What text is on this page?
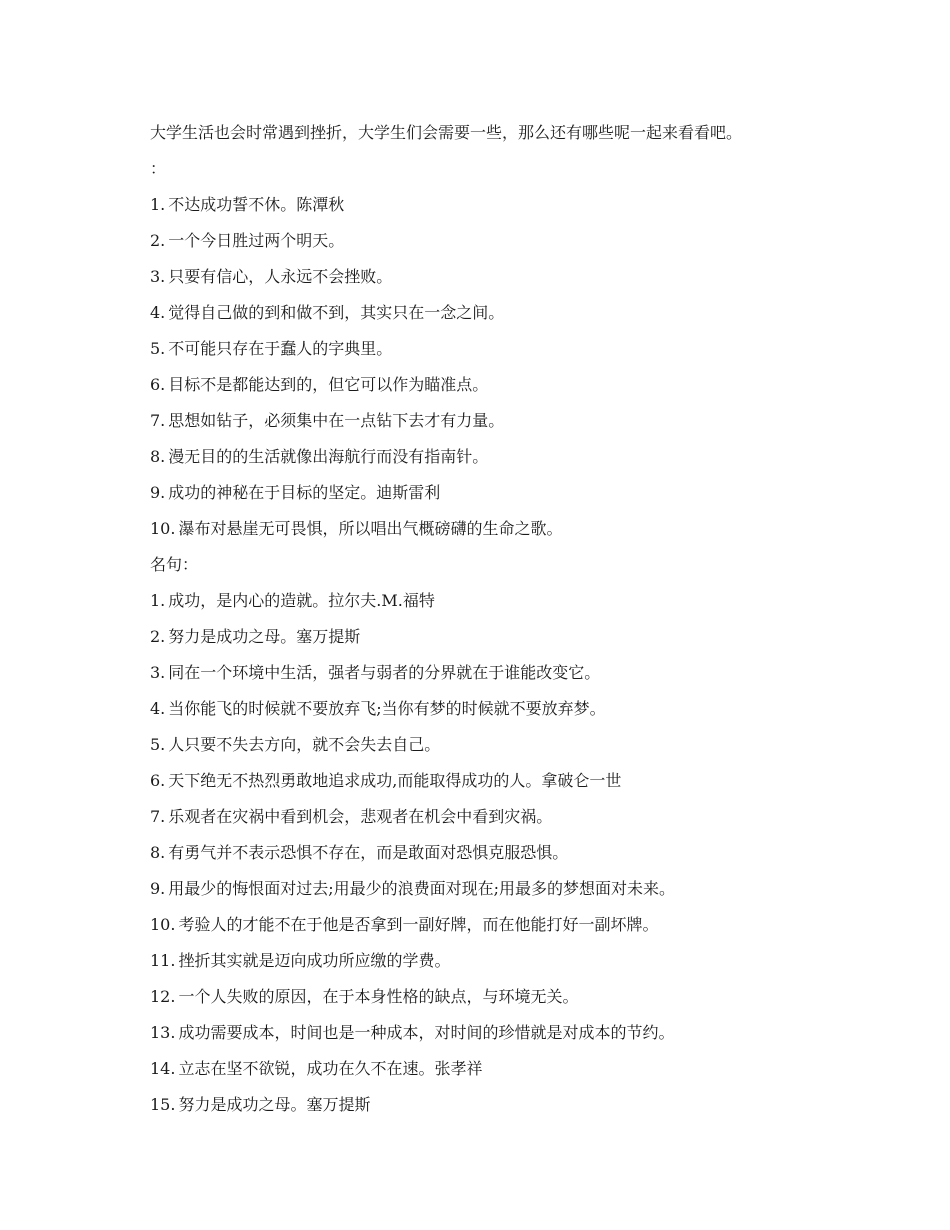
大学生活也会时常遇到挫折，大学生们会需要一些，那么还有哪些呢一起来看看吧。
：
1. 不达成功誓不休。陈潭秋
2. 一个今日胜过两个明天。
3. 只要有信心，人永远不会挫败。
4. 觉得自己做的到和做不到，其实只在一念之间。
5. 不可能只存在于蠢人的字典里。
6. 目标不是都能达到的，但它可以作为瞄准点。
7. 思想如钻子，必须集中在一点钻下去才有力量。
8. 漫无目的的生活就像出海航行而没有指南针。
9. 成功的神秘在于目标的坚定。迪斯雷利
10. 瀑布对悬崖无可畏惧，所以唱出气概磅礴的生命之歌。
名句：
1. 成功，是内心的造就。拉尔夫.M.福特
2. 努力是成功之母。塞万提斯
3. 同在一个环境中生活，强者与弱者的分界就在于谁能改变它。
4. 当你能飞的时候就不要放弃飞;当你有梦的时候就不要放弃梦。
5. 人只要不失去方向，就不会失去自己。
6. 天下绝无不热烈勇敢地追求成功,而能取得成功的人。拿破仑一世
7. 乐观者在灾祸中看到机会，悲观者在机会中看到灾祸。
8. 有勇气并不表示恐惧不存在，而是敢面对恐惧克服恐惧。
9. 用最少的悔恨面对过去;用最少的浪费面对现在;用最多的梦想面对未来。
10. 考验人的才能不在于他是否拿到一副好牌，而在他能打好一副坏牌。
11. 挫折其实就是迈向成功所应缴的学费。
12. 一个人失败的原因，在于本身性格的缺点，与环境无关。
13. 成功需要成本，时间也是一种成本，对时间的珍惜就是对成本的节约。
14. 立志在坚不欲锐，成功在久不在速。张孝祥
15. 努力是成功之母。塞万提斯
